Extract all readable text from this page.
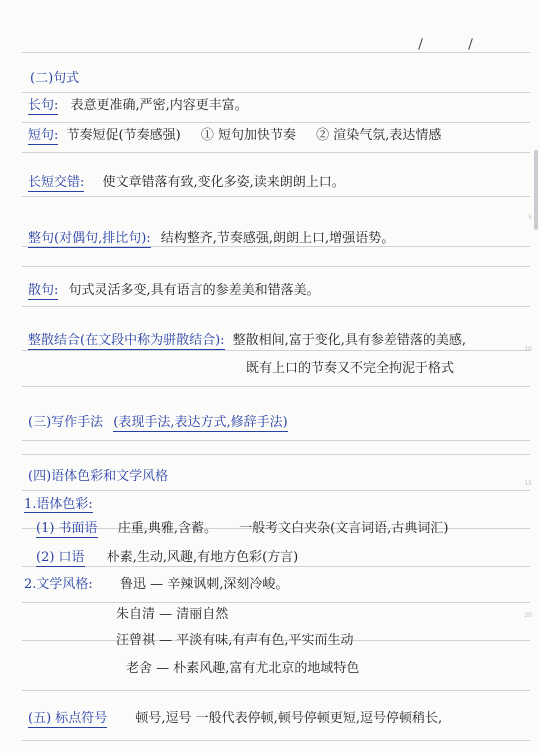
5
10
15
20
(二)句式
长句: 表意更准确,严密,内容更丰富。
短句: 节奏短促(节奏感强) ① 短句加快节奏 ② 渲染气氛,表达情感
长短交错: 使文章错落有致,变化多姿,读来朗朗上口。
整句(对偶句,排比句): 结构整齐,节奏感强,朗朗上口,增强语势。
散句: 句式灵活多变,具有语言的参差美和错落美。
整散结合(在文段中称为骈散结合): 整散相间,富于变化,具有参差错落的美感,
既有上口的节奏又不完全拘泥于格式
(三)写作手法 (表现手法,表达方式,修辞手法)
(四)语体色彩和文学风格
1.语体色彩:
(1) 书面语 庄重,典雅,含蓄。 一般考文白夹杂(文言词语,古典词汇)
(2) 口语 朴素,生动,风趣,有地方色彩(方言)
2.文学风格: 鲁迅 — 辛辣讽刺,深刻冷峻。
朱自清 — 清丽自然
汪曾祺 — 平淡有味,有声有色,平实而生动
老舍 — 朴素风趣,富有尤北京的地域特色
(五) 标点符号 顿号,逗号 一般代表停顿,顿号停顿更短,逗号停顿稍长,
